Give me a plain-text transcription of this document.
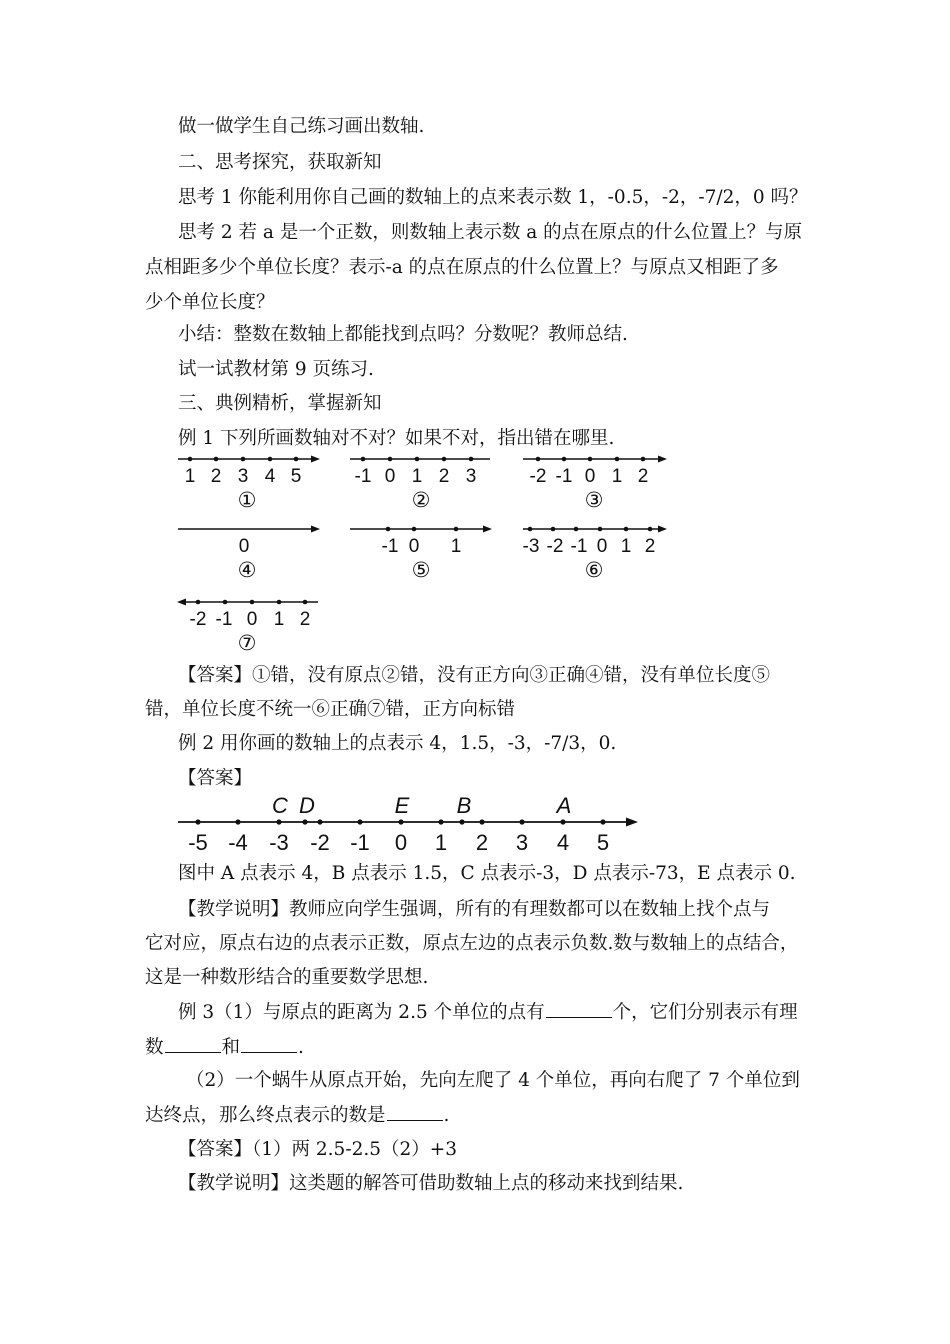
做一做学生自己练习画出数轴.
二、思考探究，获取新知
思考 1 你能利用你自己画的数轴上的点来表示数 1，-0.5，-2，-7/2，0 吗？
思考 2 若 a 是一个正数，则数轴上表示数 a 的点在原点的什么位置上？与原
点相距多少个单位长度？表示-a 的点在原点的什么位置上？与原点又相距了多
少个单位长度？
小结：整数在数轴上都能找到点吗？分数呢？教师总结.
试一试教材第 9 页练习.
三、典例精析，掌握新知
例 1 下列所画数轴对不对？如果不对，指出错在哪里.
1 2 3 4 5
①
-1 0 1 2 3
②
-2 -1 0 1 2
③
0
④
-1 0 1
⑤
-3 -2 -1 0 1 2
⑥
-2 -1 0 1 2
⑦
-5 -4 -3 -2 -1 0 1 2 3 4 5
C D	E B	A
【答案】①错，没有原点②错，没有正方向③正确④错，没有单位长度⑤
错，单位长度不统一⑥正确⑦错，正方向标错
例 2 用你画的数轴上的点表示 4，1.5，-3，-7/3，0.
【答案】
图中 A 点表示 4，B 点表示 1.5，C 点表示-3，D 点表示-73，E 点表示 0.
【教学说明】教师应向学生强调，所有的有理数都可以在数轴上找个点与
它对应，原点右边的点表示正数，原点左边的点表示负数.数与数轴上的点结合，
这是一种数形结合的重要数学思想.
例 3（1）与原点的距离为 2.5 个单位的点有	个，它们分别表示有理
数	和	.
（2）一个蜗牛从原点开始，先向左爬了 4 个单位，再向右爬了 7 个单位到
达终点，那么终点表示的数是	.
【答案】（1）两 2.5-2.5（2）+3
【教学说明】这类题的解答可借助数轴上点的移动来找到结果.
